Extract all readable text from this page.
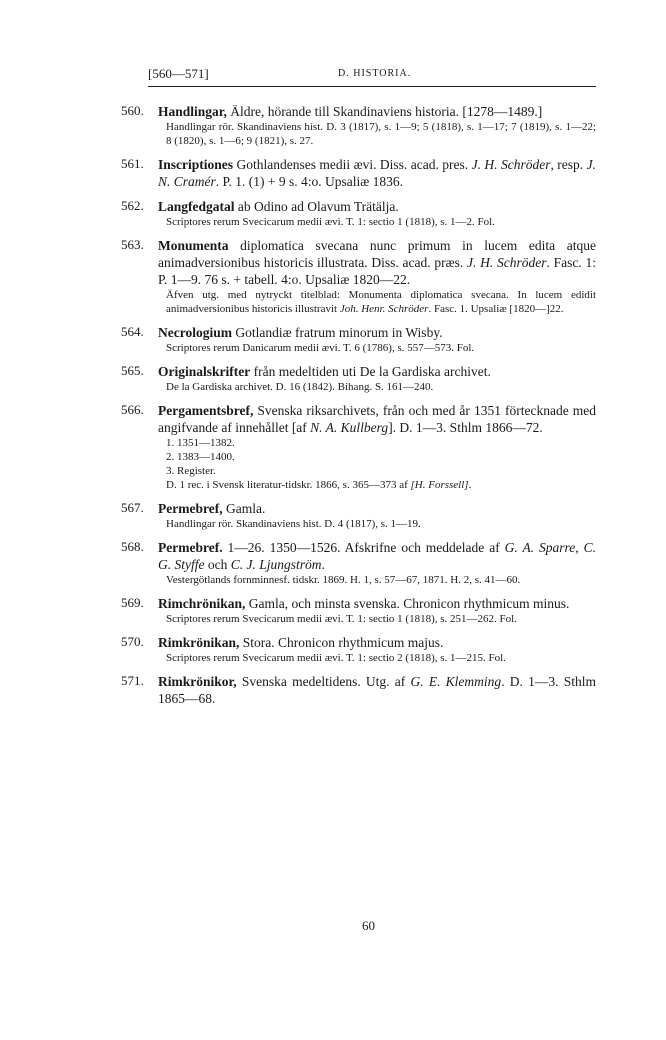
[560—571]	D. HISTORIA.
560. Handlingar, Äldre, hörande till Skandinaviens historia. [1278—1489.]
Handlingar rör. Skandinaviens hist. D. 3 (1817), s. 1—9; 5 (1818), s. 1—17; 7 (1819), s. 1—22; 8 (1820), s. 1—6; 9 (1821), s. 27.
561. Inscriptiones Gothlandenses medii ævi. Diss. acad. pres. J. H. Schröder, resp. J. N. Cramér. P. 1. (1) + 9 s. 4:o. Upsaliæ 1836.
562. Langfedgatal ab Odino ad Olavum Trätälja.
Scriptores rerum Svecicarum medii ævi. T. 1: sectio 1 (1818), s. 1—2. Fol.
563. Monumenta diplomatica svecana nunc primum in lucem edita atque animadversionibus historicis illustrata. Diss. acad. præs. J. H. Schröder. Fasc. 1: P. 1—9. 76 s. + tabell. 4:o. Upsaliæ 1820—22.
Äfven utg. med nytryckt titelblad: Monumenta diplomatica svecana. In lucem edidit animadversionibus historicis illustravit Joh. Henr. Schröder. Fasc. 1. Upsaliæ [1820—]22.
564. Necrologium Gotlandiæ fratrum minorum in Wisby.
Scriptores rerum Danicarum medii ævi. T. 6 (1786), s. 557—573. Fol.
565. Originalskrifter från medeltiden uti De la Gardiska archivet.
De la Gardiska archivet. D. 16 (1842). Bihang. S. 161—240.
566. Pergamentsbref, Svenska riksarchivets, från och med år 1351 förtecknade med angifvande af innehållet [af N. A. Kullberg]. D. 1—3. Sthlm 1866—72.
1. 1351—1382.
2. 1383—1400.
3. Register.
D. 1 rec. i Svensk literatur-tidskr. 1866, s. 365—373 af [H. Forssell].
567. Permebref, Gamla.
Handlingar rör. Skandinaviens hist. D. 4 (1817), s. 1—19.
568. Permebref. 1—26. 1350—1526. Afskrifne och meddelade af G. A. Sparre, C. G. Styffe och C. J. Ljungström.
Vestergötlands fornminnesf. tidskr. 1869. H. 1, s. 57—67, 1871. H. 2, s. 41—60.
569. Rimchrönikan, Gamla, och minsta svenska. Chronicon rhythmicum minus.
Scriptores rerum Svecicarum medii ævi. T. 1: sectio 1 (1818), s. 251—262. Fol.
570. Rimkrönikan, Stora. Chronicon rhythmicum majus.
Scriptores rerum Svecicarum medii ævi. T. 1: sectio 2 (1818), s. 1—215. Fol.
571. Rimkrönikor, Svenska medeltidens. Utg. af G. E. Klemming. D. 1—3. Sthlm 1865—68.
60
